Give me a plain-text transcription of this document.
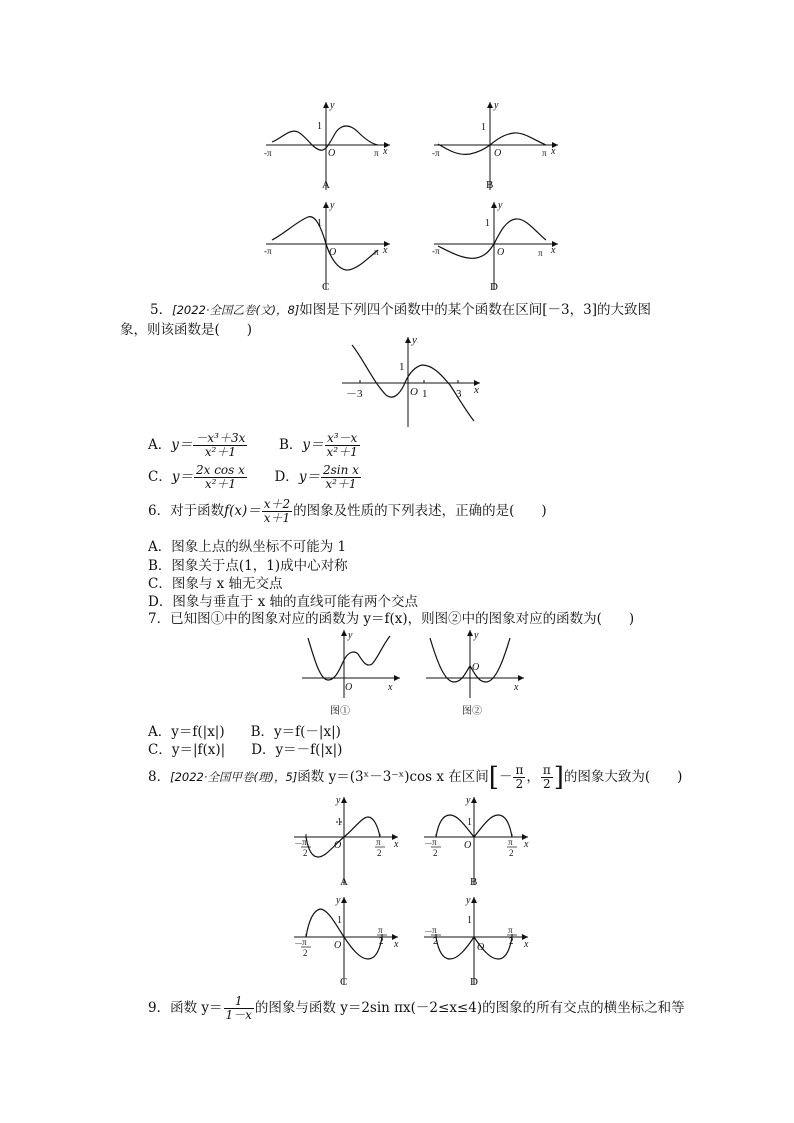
y
1
-π	O	π x
A
y
1
-π	O	π x
B
y
1
-π	O	π x
C
y
1
-π	O	π x
D
5．[2022·全国乙卷(文)，8]如图是下列四个函数中的某个函数在区间[－3，3]的大致图
象，则该函数是(　　)
y
1
－3	O 1	3 x
A．$y= \frac{\text{－x³＋3x}}{\text{x²＋1}}$ B．$y= \frac{\text{x³－x}}{\text{x²＋1}}$
C．$y= \frac{\text{2x cos x}}{\text{x²＋1}}$ D．$y= \frac{\text{2sin x}}{\text{x²＋1}}$
6．对于函数$f(x)= \frac{x+2}{x+1}$ 的图象及性质的下列表述，正确的是(　　)
A．图象上点的纵坐标不可能为 1
B．图象关于点(1，1)成中心对称
C．图象与 x 轴无交点
D．图象与垂直于 x 轴的直线可能有两个交点
7．已知图①中的图象对应的函数为 y＝f(x)，则图②中的图象对应的函数为(　　)
y
O	x
图①
y
O
x
图②
A．y＝f(|x|) B．y＝f(－|x|)
C．y＝|f(x)| D．y＝－f(|x|)
8．[2022·全国甲卷(理)，5]函数 y＝(3ˣ－3⁻ˣ)cos x 在区间[－ $\frac{\pi}{2}$ ， $\frac{\pi}{2}$ ]的图象大致为(　　)
y
1
－
π
2
O	π
2
x
A
y
1
－
π
2
O	π
2
x
B
y
1
－
π
2
O
π
2 x
C
y
1
－
π
2
O
π
2 x
D
9．函数 $y= \frac{1}{1-x}$ 的图象与函数 y＝2sin πx(－2≤x≤4)的图象的所有交点的横坐标之和等
